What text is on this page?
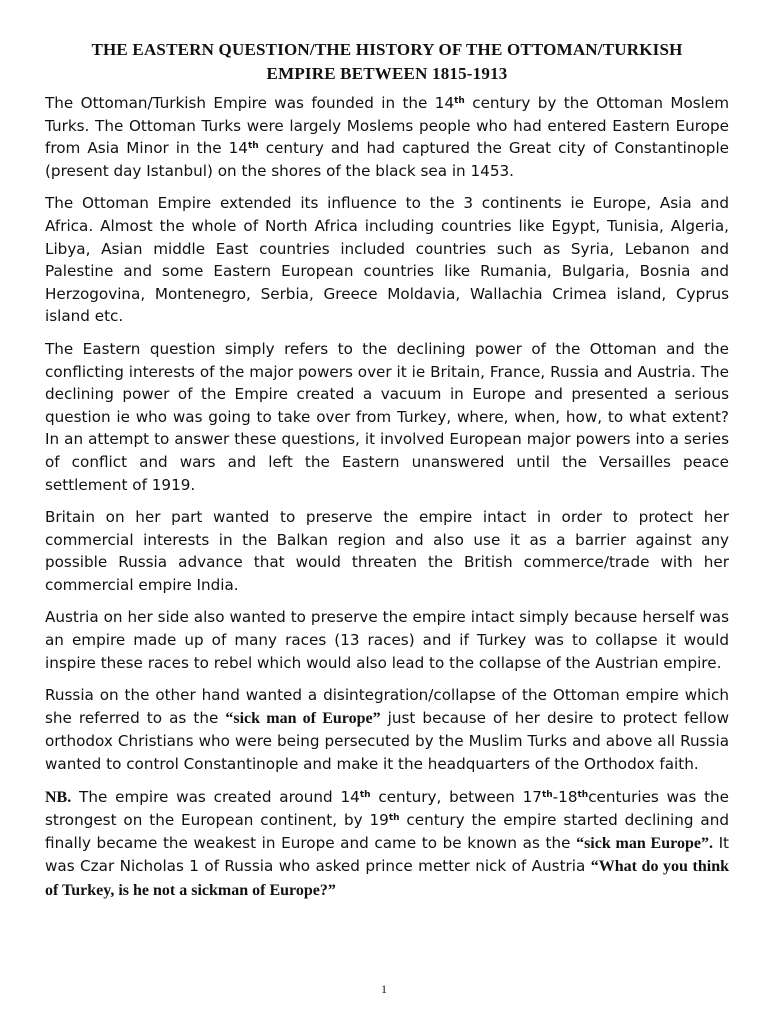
THE EASTERN QUESTION/THE HISTORY OF THE OTTOMAN/TURKISH
EMPIRE BETWEEN 1815-1913

The Ottoman/Turkish Empire was founded in the 14th century by the Ottoman Moslem Turks. The Ottoman Turks were largely Moslems people who had entered Eastern Europe from Asia Minor in the 14th century and had captured the Great city of Constantinople (present day Istanbul) on the shores of the black sea in 1453.

The Ottoman Empire extended its influence to the 3 continents ie Europe, Asia and Africa. Almost the whole of North Africa including countries like Egypt, Tunisia, Algeria, Libya, Asian middle East countries included countries such as Syria, Lebanon and Palestine and some Eastern European countries like Rumania, Bulgaria, Bosnia and Herzogovina, Montenegro, Serbia, Greece Moldavia, Wallachia Crimea island, Cyprus island etc.

The Eastern question simply refers to the declining power of the Ottoman and the conflicting interests of the major powers over it ie Britain, France, Russia and Austria. The declining power of the Empire created a vacuum in Europe and presented a serious question ie who was going to take over from Turkey, where, when, how, to what extent? In an attempt to answer these questions, it involved European major powers into a series of conflict and wars and left the Eastern unanswered until the Versailles peace settlement of 1919.

Britain on her part wanted to preserve the empire intact in order to protect her commercial interests in the Balkan region and also use it as a barrier against any possible Russia advance that would threaten the British commerce/trade with her commercial empire India.

Austria on her side also wanted to preserve the empire intact simply because herself was an empire made up of many races (13 races) and if Turkey was to collapse it would inspire these races to rebel which would also lead to the collapse of the Austrian empire.

Russia on the other hand wanted a disintegration/collapse of the Ottoman empire which she referred to as the “sick man of Europe” just because of her desire to protect fellow orthodox Christians who were being persecuted by the Muslim Turks and above all Russia wanted to control Constantinople and make it the headquarters of the Orthodox faith.

NB. The empire was created around 14th century, between 17th-18thcenturies was the strongest on the European continent, by 19th century the empire started declining and finally became the weakest in Europe and came to be known as the “sick man Europe”. It was Czar Nicholas 1 of Russia who asked prince metter nick of Austria “What do you think of Turkey, is he not a sickman of Europe?”

1
